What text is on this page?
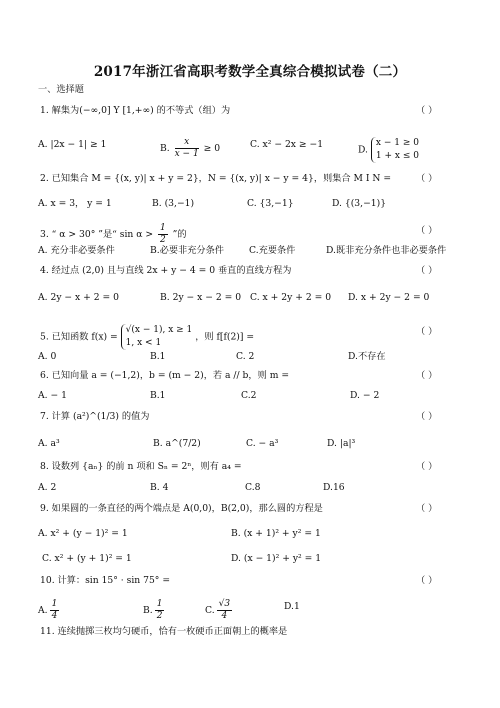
2017年浙江省高职考数学全真综合模拟试卷（二）
一、选择题
1. 解集为(−∞,0] Y [1,+∞) 的不等式（组）为	（ ）
A. |2x − 1| ≥ 1	B. $\frac{x}{x - 1} \ge 0$	C. x² − 2x ≥ −1	D.
x − 1 ≥ 0
1 + x ≤ 0
2. 已知集合 M = {(x, y)| x + y = 2}，N = {(x, y)| x − y = 4}，则集合 M I N =	（ ）
A. x = 3， y = 1	B. (3,−1)	C. {3,−1}	D. {(3,−1)}
3. “ α > 30° ”是“ $\sin \alpha > \frac{1}{2}$ ”的	（ ）
A. 充分非必要条件	B.必要非充分条件	C.充要条件	D.既非充分条件也非必要条件
4. 经过点 (2,0) 且与直线 2x + y − 4 = 0 垂直的直线方程为	（ ）
A. 2y − x + 2 = 0	B. 2y − x − 2 = 0 C. x + 2y + 2 = 0 D. x + 2y − 2 = 0
5. 已知函数 f(x) =
√(x − 1), x ≥ 1
1, x < 1
，则 f[f(2)] =	（ ）
A. 0	B.1	C. 2	D.不存在
6. 已知向量 a = (−1,2)，b = (m − 2)，若 a // b，则 m =	（ ）
A. − 1	B.1	C.2	D. − 2
7. 计算 (a²)^(1/3) 的值为	（ ）
A. a³	B. a^(7/2)	C. − a³	D. |a|³
8. 设数列 {aₙ} 的前 n 项和 Sₙ = 2ⁿ，则有 a₄ =	（ ）
A. 2	B. 4	C.8	D.16
9. 如果圆的一条直径的两个端点是 A(0,0)，B(2,0)，那么圆的方程是	（ ）
A. x² + (y − 1)² = 1	B. (x + 1)² + y² = 1
C. x² + (y + 1)² = 1	D. (x − 1)² + y² = 1
10. 计算：sin 15° · sin 75° =	（ ）
A. $\frac{1}{4}$	B. $\frac{1}{2}$	C. $\frac{√3}{4}$	D.1
11. 连续抛掷三枚均匀硬币，恰有一枚硬币正面朝上的概率是
